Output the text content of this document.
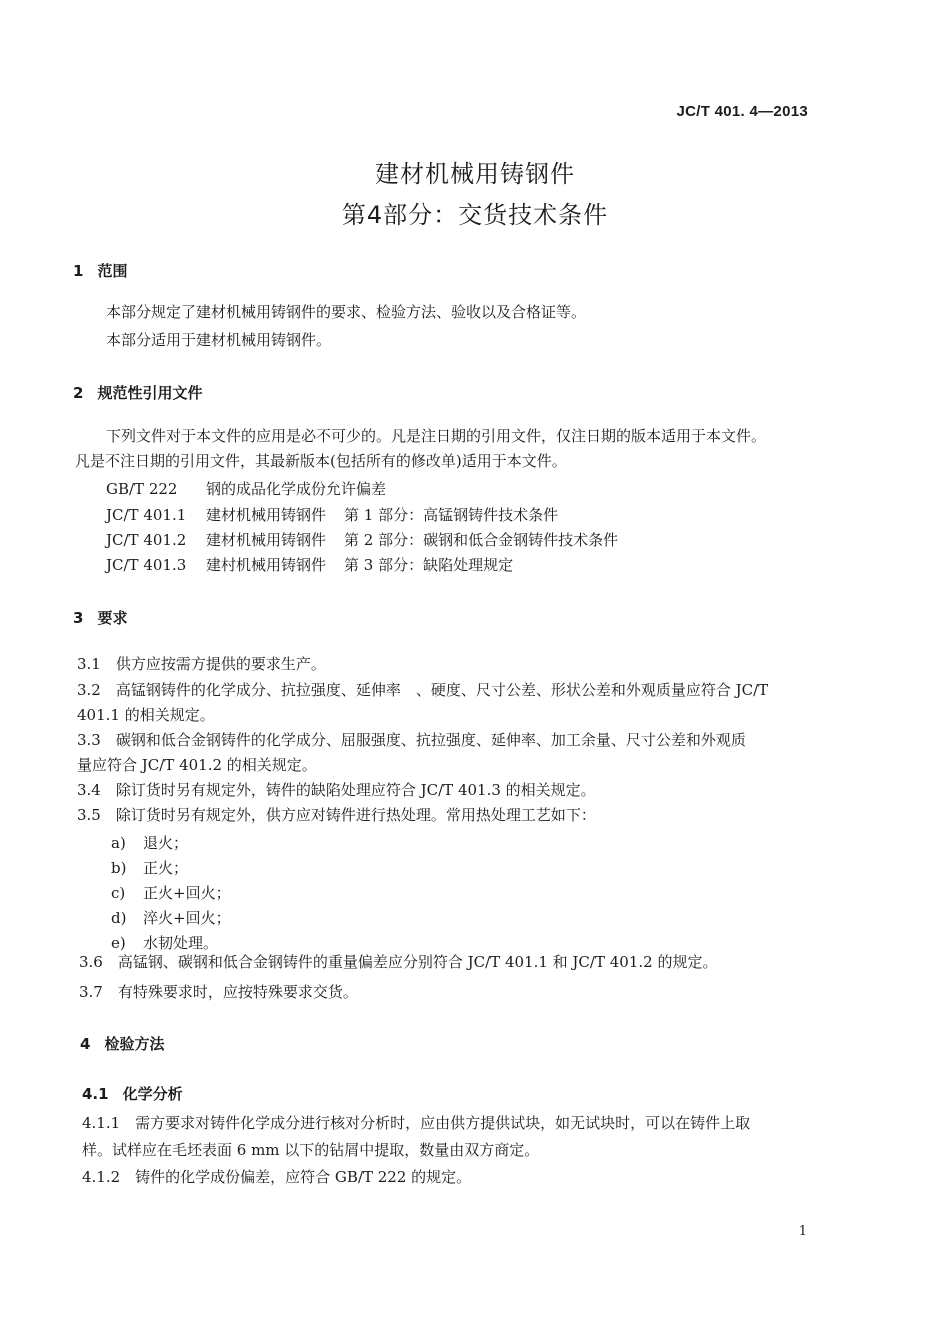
JC/T 401. 4—2013
建材机械用铸钢件
第4部分：交货技术条件
1 范围
本部分规定了建材机械用铸钢件的要求、检验方法、验收以及合格证等。
本部分适用于建材机械用铸钢件。
2 规范性引用文件
下列文件对于本文件的应用是必不可少的。凡是注日期的引用文件，仅注日期的版本适用于本文件。
凡是不注日期的引用文件，其最新版本(包括所有的修改单)适用于本文件。
GB/T 222 钢的成品化学成份允许偏差
JC/T 401.1 建材机械用铸钢件 第 1 部分：高锰钢铸件技术条件
JC/T 401.2 建材机械用铸钢件 第 2 部分：碳钢和低合金钢铸件技术条件
JC/T 401.3 建村机械用铸钢件 第 3 部分：缺陷处理规定
3 要求
3.1　供方应按需方提供的要求生产。
3.2　高锰钢铸件的化学成分、抗拉强度、延伸率　、硬度、尺寸公差、形状公差和外观质量应符合 JC/T
401.1 的相关规定。
3.3　碳钢和低合金钢铸件的化学成分、屈服强度、抗拉强度、延伸率、加工余量、尺寸公差和外观质
量应符合 JC/T 401.2 的相关规定。
3.4　除订货时另有规定外，铸件的缺陷处理应符合 JC/T 401.3 的相关规定。
3.5　除订货时另有规定外，供方应对铸件进行热处理。常用热处理工艺如下：
a) 退火；
b) 正火；
c) 正火+回火；
d) 淬火+回火；
e) 水韧处理。
3.6　高锰钢、碳钢和低合金钢铸件的重量偏差应分别符合 JC/T 401.1 和 JC/T 401.2 的规定。
3.7　有特殊要求时，应按特殊要求交货。
4 检验方法
4.1 化学分析
4.1.1　需方要求对铸件化学成分进行核对分析时，应由供方提供试块，如无试块时，可以在铸件上取
样。试样应在毛坯表面 6 mm 以下的钻屑中提取，数量由双方商定。
4.1.2　铸件的化学成份偏差，应符合 GB/T 222 的规定。
1
